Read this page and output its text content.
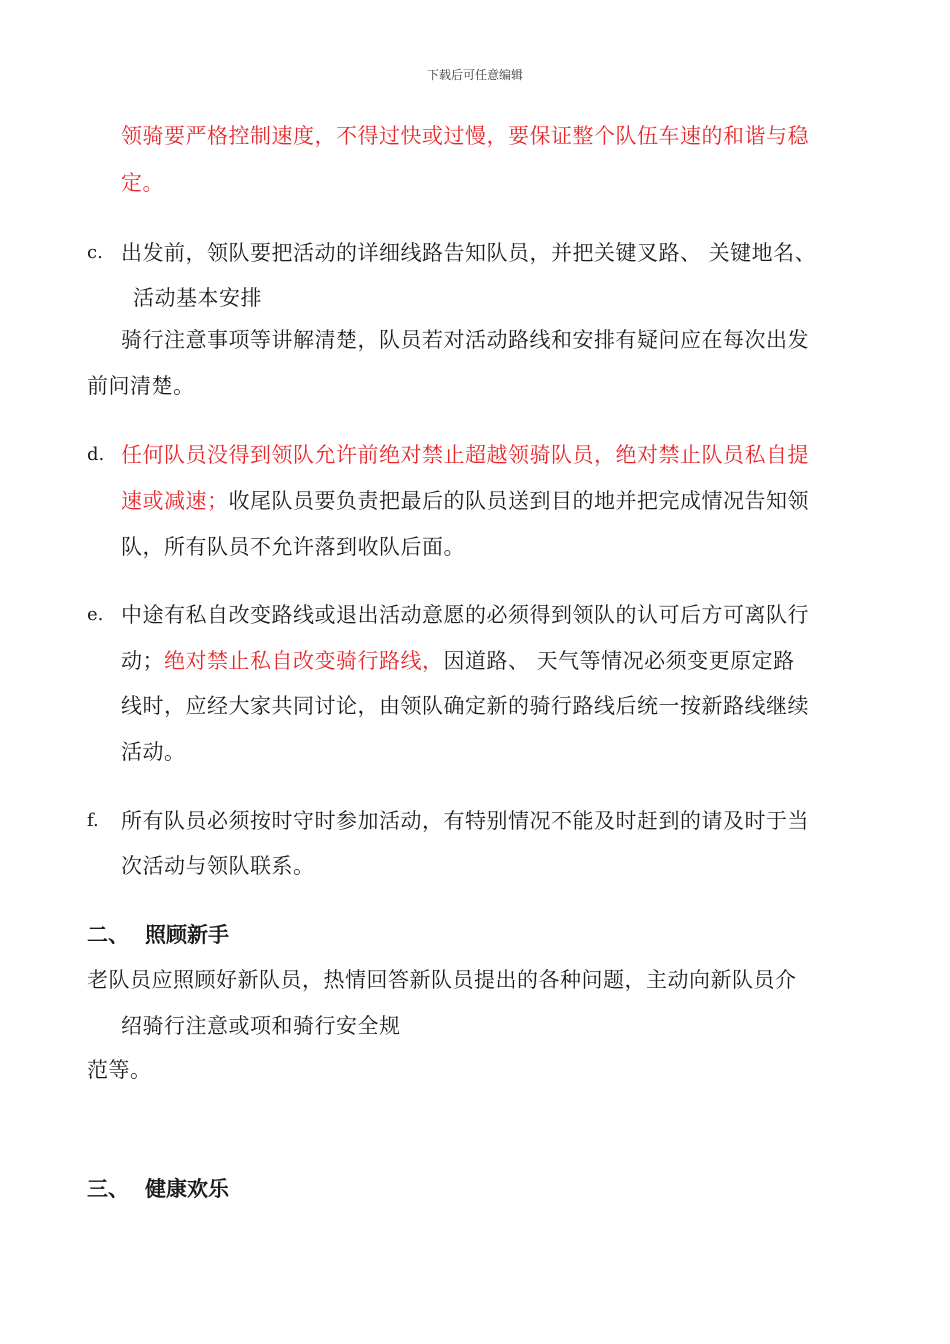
下载后可任意编辑
领骑要严格控制速度，不得过快或过慢，要保证整个队伍车速的和谐与稳
定。
c. 出发前，领队要把活动的详细线路告知队员，并把关键叉路、 关键地名、
活动基本安排
骑行注意事项等讲解清楚，队员若对活动路线和安排有疑问应在每次出发
前问清楚。
d. 任何队员没得到领队允许前绝对禁止超越领骑队员，绝对禁止队员私自提
速或减速；收尾队员要负责把最后的队员送到目的地并把完成情况告知领
队，所有队员不允许落到收队后面。
e. 中途有私自改变路线或退出活动意愿的必须得到领队的认可后方可离队行
动；绝对禁止私自改变骑行路线，因道路、 天气等情况必须变更原定路
线时，应经大家共同讨论，由领队确定新的骑行路线后统一按新路线继续
活动。
f. 所有队员必须按时守时参加活动，有特别情况不能及时赶到的请及时于当
次活动与领队联系。
二、 照顾新手
老队员应照顾好新队员，热情回答新队员提出的各种问题，主动向新队员介
绍骑行注意或项和骑行安全规
范等。
三、 健康欢乐
